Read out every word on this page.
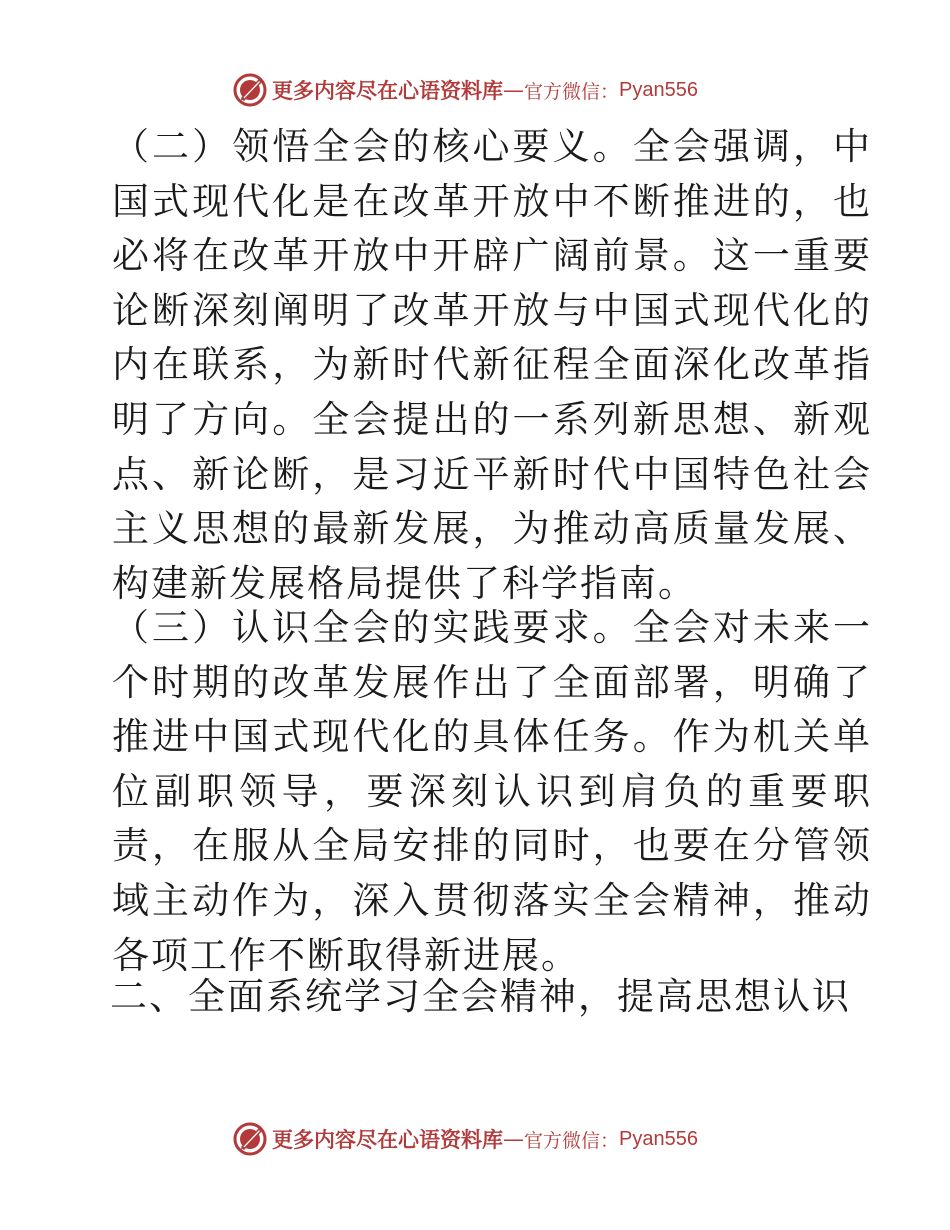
更多内容尽在心语资料库 — 官方微信： Pyan556

（二）领悟全会的核心要义。全会强调，中国式现代化是在改革开放中不断推进的，也必将在改革开放中开辟广阔前景。这一重要论断深刻阐明了改革开放与中国式现代化的内在联系，为新时代新征程全面深化改革指明了方向。全会提出的一系列新思想、新观点、新论断，是习近平新时代中国特色社会主义思想的最新发展，为推动高质量发展、构建新发展格局提供了科学指南。

（三）认识全会的实践要求。全会对未来一个时期的改革发展作出了全面部署，明确了推进中国式现代化的具体任务。作为机关单位副职领导，要深刻认识到肩负的重要职责，在服从全局安排的同时，也要在分管领域主动作为，深入贯彻落实全会精神，推动各项工作不断取得新进展。

二、全面系统学习全会精神，提高思想认识
更多内容尽在心语资料库 — 官方微信： Pyan556
